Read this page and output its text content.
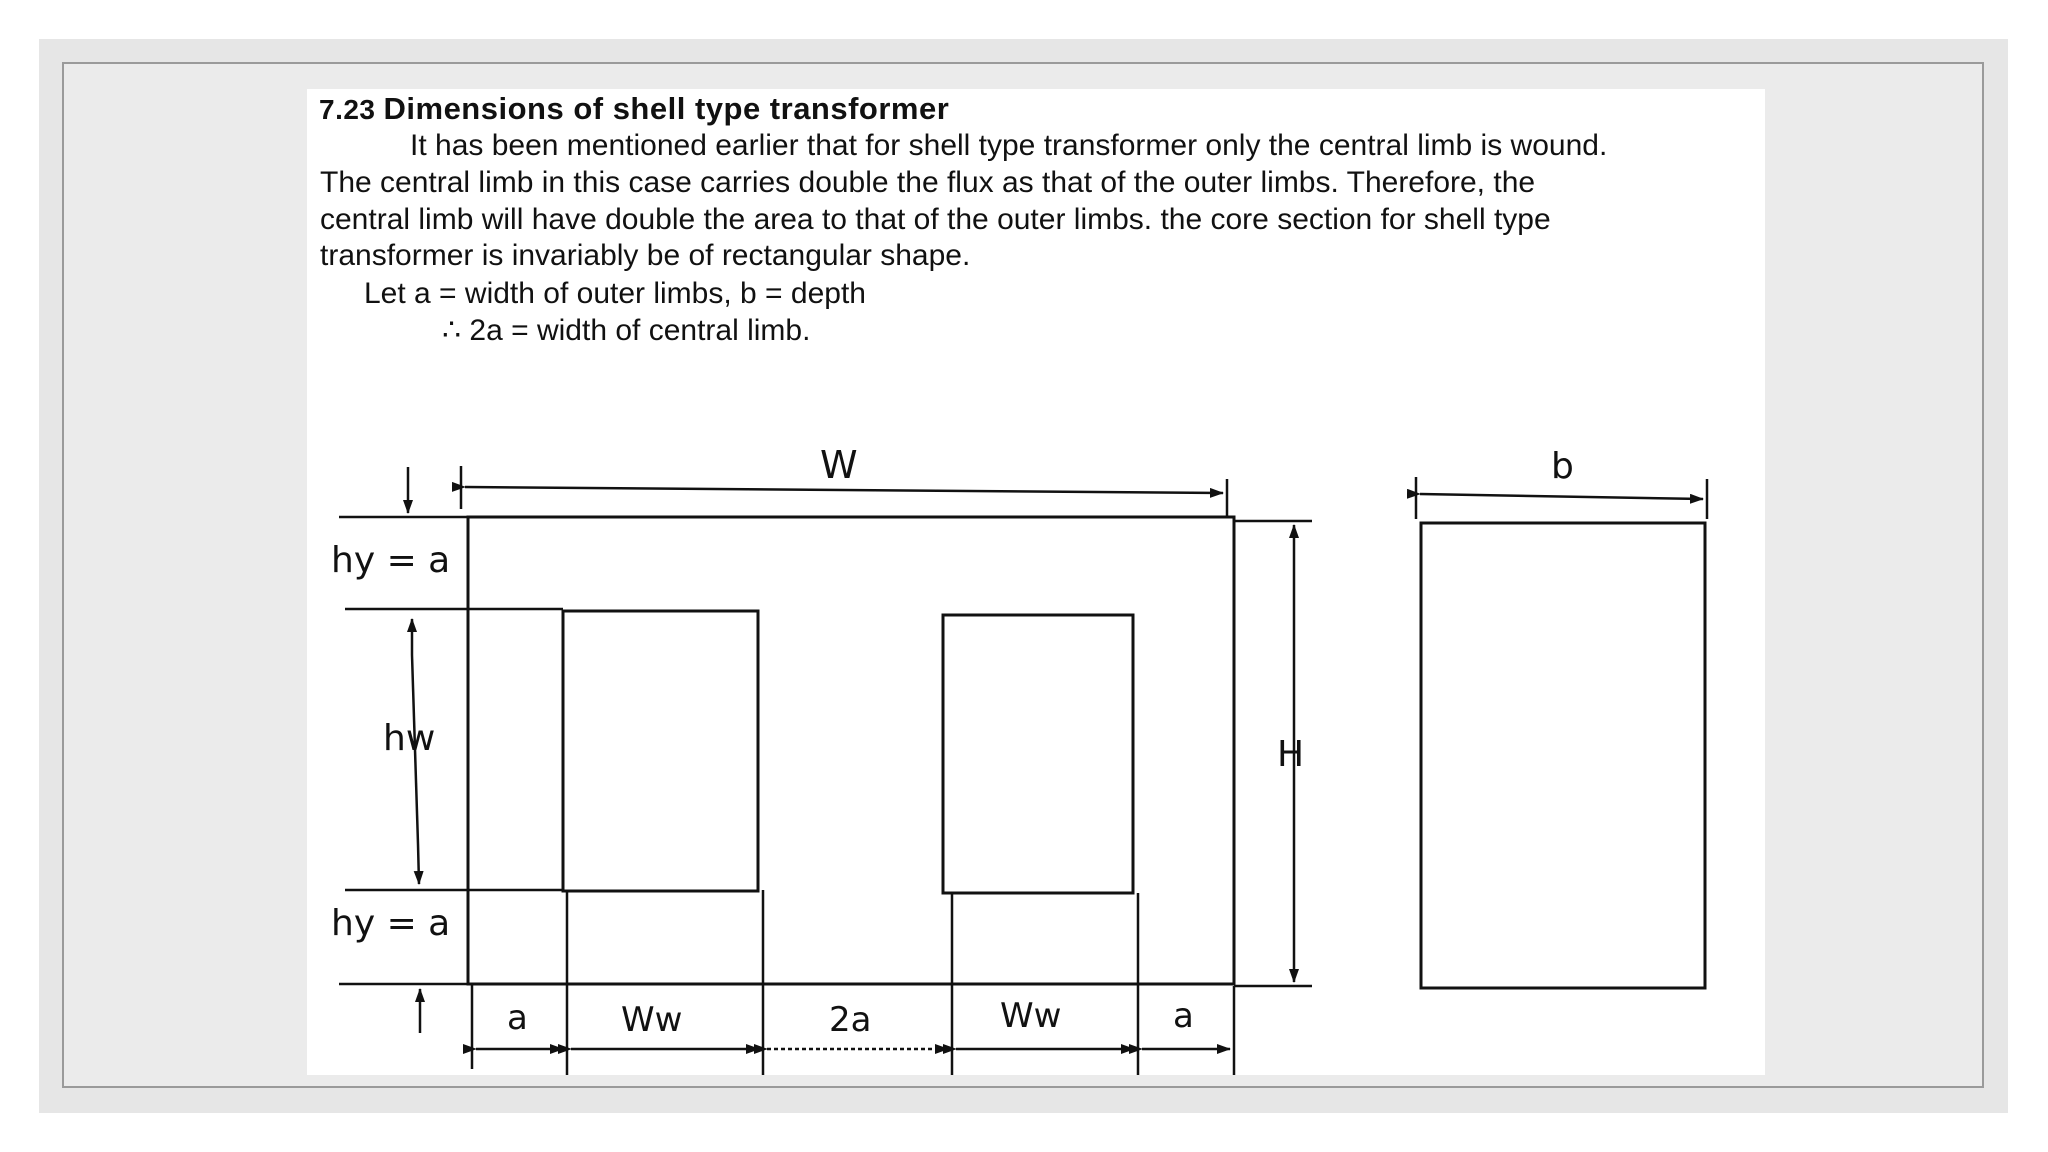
7.23 Dimensions of shell type transformer
It has been mentioned earlier that for shell type transformer only the central limb is wound.
The central limb in this case carries double the flux as that of the outer limbs. Therefore, the
central limb will have double the area to that of the outer limbs. the core section for shell type
transformer is invariably be of rectangular shape.
Let a = width of outer limbs, b = depth
∴ 2a = width of central limb.
W
H
b
hy = a
hw
hy = a
a	Ww	2a	Ww	a
